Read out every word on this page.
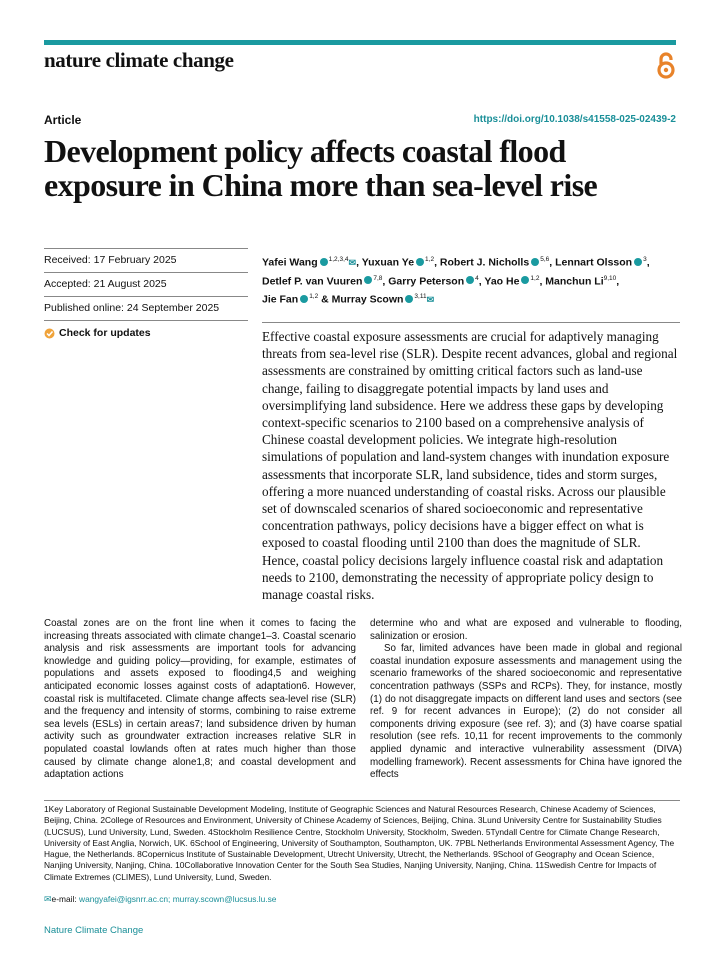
nature climate change
Article	https://doi.org/10.1038/s41558-025-02439-2
Development policy affects coastal flood exposure in China more than sea-level rise
Received: 17 February 2025
Accepted: 21 August 2025
Published online: 24 September 2025
Check for updates
Yafei Wang $^{1,2,3,4}$✉, Yuxuan Ye $^{1,2}$, Robert J. Nicholls $^{5,6}$, Lennart Olsson $^3$,
Detlef P. van Vuuren $^{7,8}$, Garry Peterson $^4$, Yao He $^{1,2}$, Manchun Li$^{9,10}$,
Jie Fan $^{1,2}$ & Murray Scown $^{3,11}$✉

Effective coastal exposure assessments are crucial for adaptively managing threats from sea-level rise (SLR). Despite recent advances, global and regional assessments are constrained by omitting critical factors such as land-use change, failing to disaggregate potential impacts by land uses and oversimplifying land subsidence. Here we address these gaps by developing context-specific scenarios to 2100 based on a comprehensive analysis of Chinese coastal development policies. We integrate high-resolution simulations of population and land-system changes with inundation exposure assessments that incorporate SLR, land subsidence, tides and storm surges, offering a more nuanced understanding of coastal risks. Across our plausible set of downscaled scenarios of shared socioeconomic and representative concentration pathways, policy decisions have a bigger effect on what is exposed to coastal flooding until 2100 than does the magnitude of SLR. Hence, coastal policy decisions largely influence coastal risk and adaptation needs to 2100, demonstrating the necessity of appropriate policy design to manage coastal risks.

Coastal zones are on the front line when it comes to facing the increasing threats associated with climate change1–3. Coastal scenario analysis and risk assessments are important tools for advancing knowledge and guiding policy—providing, for example, estimates of populations and assets exposed to flooding4,5 and weighing anticipated economic losses against costs of adaptation6. However, coastal risk is multifaceted. Climate change affects sea-level rise (SLR) and the frequency and intensity of storms, combining to raise extreme sea levels (ESLs) in certain areas7; land subsidence driven by human activity such as groundwater extraction increases relative SLR in populated coastal lowlands often at rates much higher than those caused by climate change alone1,8; and coastal development and adaptation actions

determine who and what are exposed and vulnerable to flooding, salinization or erosion.

So far, limited advances have been made in global and regional coastal inundation exposure assessments and management using the scenario frameworks of the shared socioeconomic and representative concentration pathways (SSPs and RCPs). They, for instance, mostly (1) do not disaggregate impacts on different land uses and sectors (see ref. 9 for recent advances in Europe); (2) do not consider all components driving exposure (see ref. 3); and (3) have coarse spatial resolution (see refs. 10,11 for recent improvements to the commonly applied dynamic and interactive vulnerability assessment (DIVA) modelling framework). Recent assessments for China have ignored the effects

1Key Laboratory of Regional Sustainable Development Modeling, Institute of Geographic Sciences and Natural Resources Research, Chinese Academy of Sciences, Beijing, China. 2College of Resources and Environment, University of Chinese Academy of Sciences, Beijing, China. 3Lund University Centre for Sustainability Studies (LUCSUS), Lund University, Lund, Sweden. 4Stockholm Resilience Centre, Stockholm University, Stockholm, Sweden. 5Tyndall Centre for Climate Change Research, University of East Anglia, Norwich, UK. 6School of Engineering, University of Southampton, Southampton, UK. 7PBL Netherlands Environmental Assessment Agency, The Hague, the Netherlands. 8Copernicus Institute of Sustainable Development, Utrecht University, Utrecht, the Netherlands. 9School of Geography and Ocean Science, Nanjing University, Nanjing, China. 10Collaborative Innovation Center for the South Sea Studies, Nanjing University, Nanjing, China. 11Swedish Centre for Impacts of Climate Extremes (CLIMES), Lund University, Lund, Sweden.

✉e-mail: wangyafei@igsnrr.ac.cn; murray.scown@lucsus.lu.se
Nature Climate Change
